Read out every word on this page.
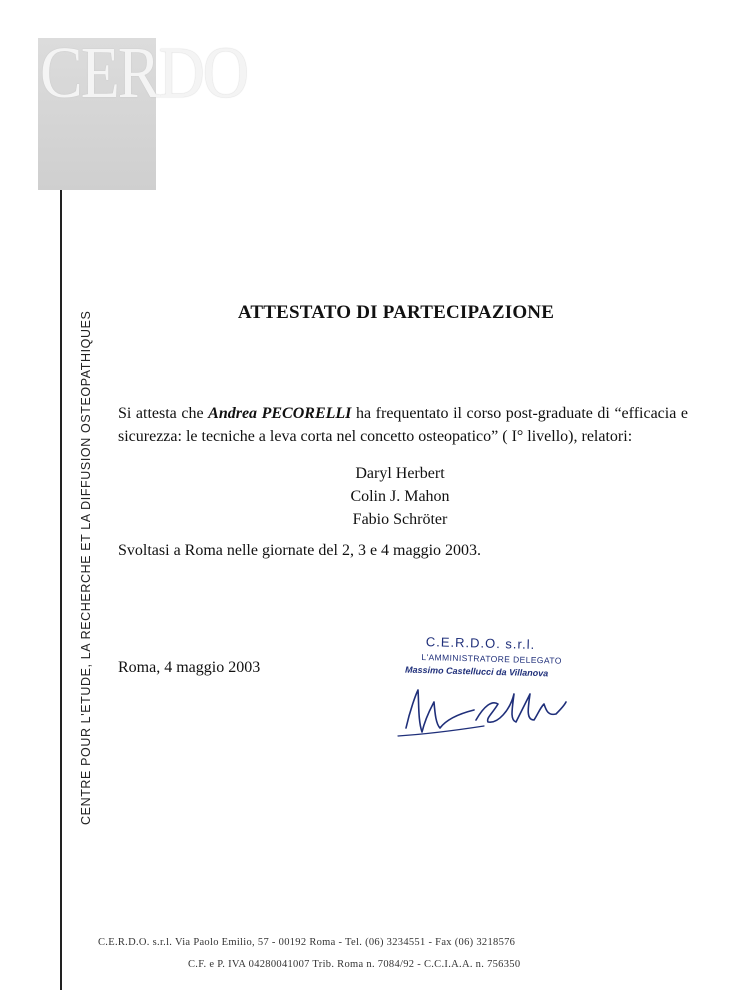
CERDO
CENTRE POUR L'ETUDE, LA RECHERCHE ET LA DIFFUSION OSTEOPATHIQUES	ATTESTATO DI PARTECIPAZIONE
Si attesta che Andrea PECORELLI ha frequentato il corso post-graduate di “efficacia e sicurezza: le tecniche a leva corta nel concetto osteopatico” ( I° livello), relatori:
Daryl Herbert
Colin J. Mahon
Fabio Schröter
Svoltasi a Roma nelle giornate del 2, 3 e 4 maggio 2003.
Roma, 4 maggio 2003
C.E.R.D.O. s.r.l.
L'AMMINISTRATORE DELEGATO
Massimo Castellucci da Villanova
C.E.R.D.O. s.r.l. Via Paolo Emilio, 57 - 00192 Roma - Tel. (06) 3234551 - Fax (06) 3218576
C.F. e P. IVA 04280041007 Trib. Roma n. 7084/92 - C.C.I.A.A. n. 756350
